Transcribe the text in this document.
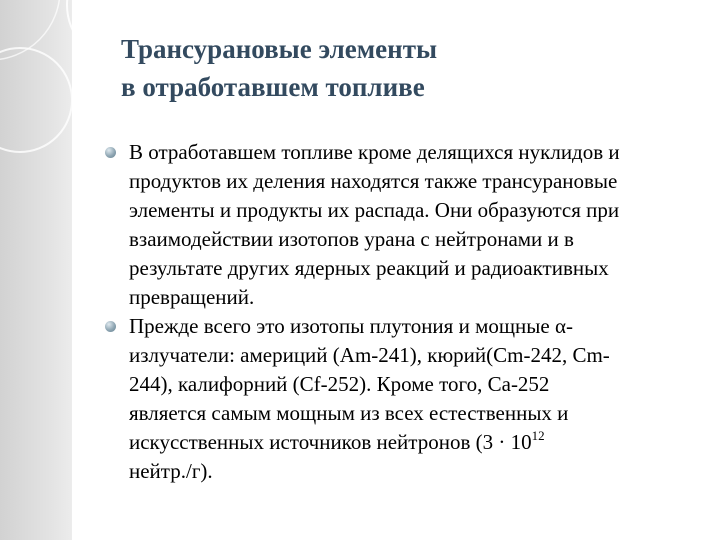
Трансурановые элементы
в отработавшем топливе
В отработавшем топливе кроме делящихся нуклидов и
продуктов их деления находятся также трансурановые
элементы и продукты их распада. Они образуются при
взаимодействии изотопов урана с нейтронами и в
результате других ядерных реакций и радиоактивных
превращений.
Прежде всего это изотопы плутония и мощные α-
излучатели: америций (Am-241), кюрий(Cm-242, Cm-
244), калифорний (Cf-252). Кроме того, Ca-252
является самым мощным из всех естественных и
искусственных источников нейтронов ($3 \cdot 10^{12}$
нейтр./г).
